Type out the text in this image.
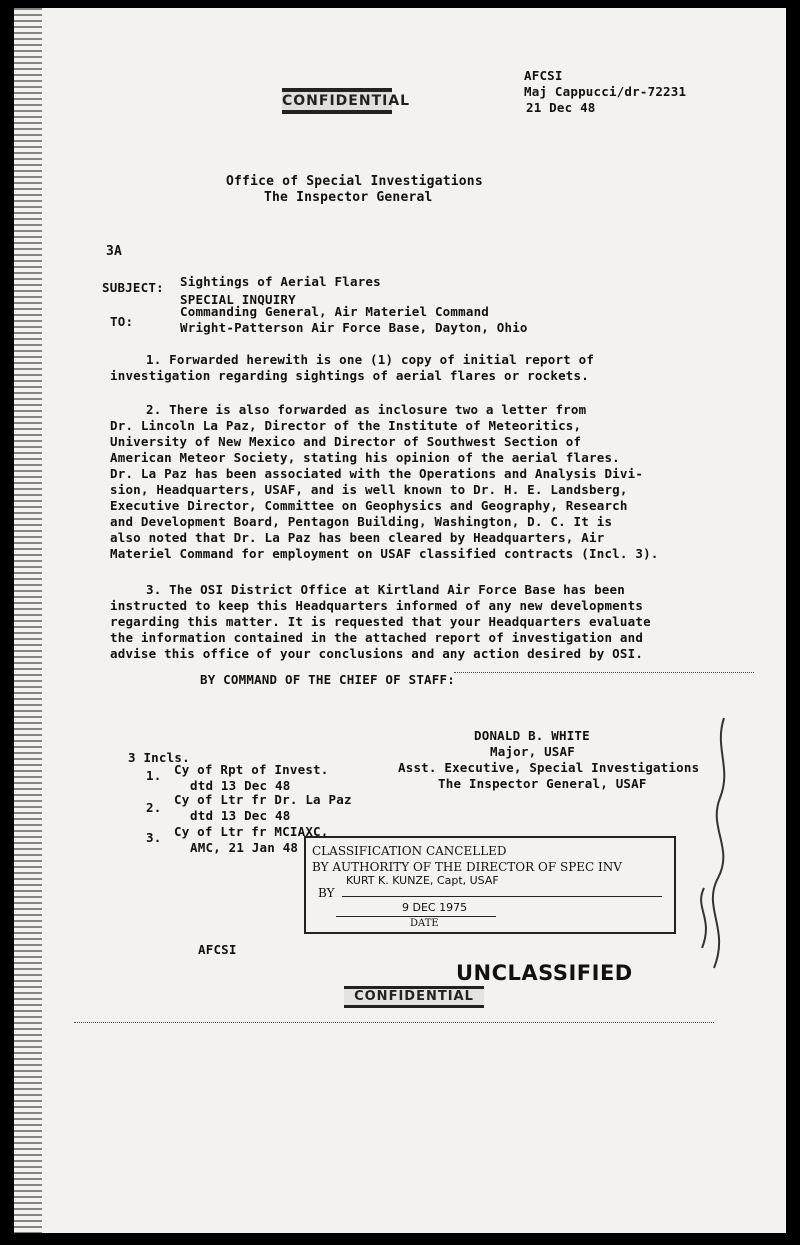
CONFIDENTIAL
AFCSI
Maj Cappucci/dr-72231
21 Dec 48
Office of Special Investigations
The Inspector General
3A
SUBJECT: Sightings of Aerial Flares
SPECIAL INQUIRY
TO:
Commanding General, Air Materiel Command
Wright-Patterson Air Force Base, Dayton, Ohio
1. Forwarded herewith is one (1) copy of initial report of
investigation regarding sightings of aerial flares or rockets.
2. There is also forwarded as inclosure two a letter from
Dr. Lincoln La Paz, Director of the Institute of Meteoritics,
University of New Mexico and Director of Southwest Section of
American Meteor Society, stating his opinion of the aerial flares.
Dr. La Paz has been associated with the Operations and Analysis Divi-
sion, Headquarters, USAF, and is well known to Dr. H. E. Landsberg,
Executive Director, Committee on Geophysics and Geography, Research
and Development Board, Pentagon Building, Washington, D. C. It is
also noted that Dr. La Paz has been cleared by Headquarters, Air
Materiel Command for employment on USAF classified contracts (Incl. 3).
3. The OSI District Office at Kirtland Air Force Base has been
instructed to keep this Headquarters informed of any new developments
regarding this matter. It is requested that your Headquarters evaluate
the information contained in the attached report of investigation and
advise this office of your conclusions and any action desired by OSI.
BY COMMAND OF THE CHIEF OF STAFF:
DONALD B. WHITE
Major, USAF
Asst. Executive, Special Investigations
The Inspector General, USAF
3 Incls.
1. Cy of Rpt of Invest.
dtd 13 Dec 48
2.
Cy of Ltr fr Dr. La Paz
dtd 13 Dec 48
3. Cy of Ltr fr MCIAXC,
AMC, 21 Jan 48 CLASSIFICATION CANCELLED
BY AUTHORITY OF THE DIRECTOR OF SPEC INV
BY
KURT K. KUNZE, Capt, USAF
9 DEC 1975
DATE
AFCSI
UNCLASSIFIED
CONFIDENTIAL
